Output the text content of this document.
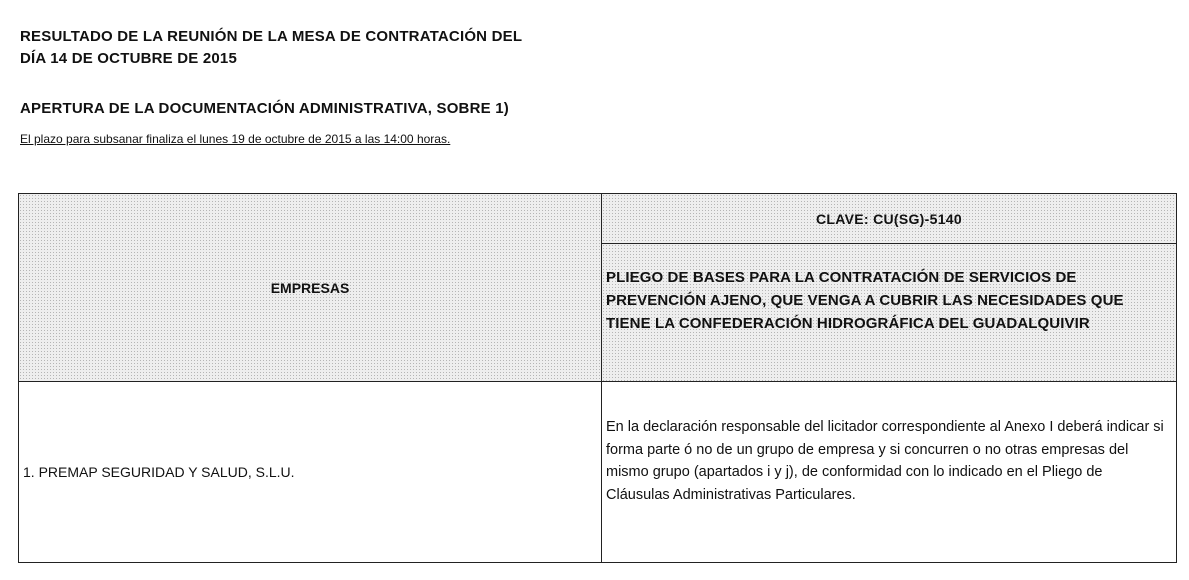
RESULTADO DE LA REUNIÓN DE LA MESA DE CONTRATACIÓN DEL
DÍA 14 DE OCTUBRE DE 2015
APERTURA DE LA DOCUMENTACIÓN ADMINISTRATIVA, SOBRE 1)
El plazo para subsanar finaliza el lunes 19 de octubre de 2015 a las 14:00 horas.
EMPRESAS
CLAVE: CU(SG)-5140
PLIEGO DE BASES PARA LA CONTRATACIÓN DE SERVICIOS DE PREVENCIÓN AJENO, QUE VENGA A CUBRIR LAS NECESIDADES QUE TIENE LA CONFEDERACIÓN HIDROGRÁFICA DEL GUADALQUIVIR
1. PREMAP SEGURIDAD Y SALUD, S.L.U.
En la declaración responsable del licitador correspondiente al Anexo I deberá indicar si forma parte ó no de un grupo de empresa y si concurren o no otras empresas del mismo grupo (apartados i y j), de conformidad con lo indicado en el Pliego de Cláusulas Administrativas Particulares.
